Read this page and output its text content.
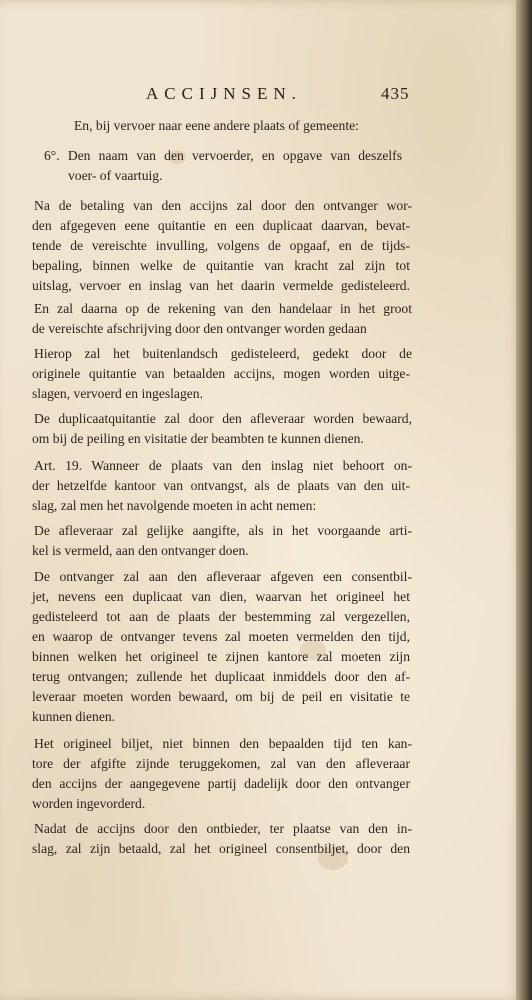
ACCIJNSEN.	435
En, bij vervoer naar eene andere plaats of gemeente:
6°. Den naam van den vervoerder, en opgave van deszelfs
voer- of vaartuig.
Na de betaling van den accijns zal door den ontvanger wor-
den afgegeven eene quitantie en een duplicaat daarvan, bevat-
tende de vereischte invulling, volgens de opgaaf, en de tijds-
bepaling, binnen welke de quitantie van kracht zal zijn tot
uitslag, vervoer en inslag van het daarin vermelde gedisteleerd.
En zal daarna op de rekening van den handelaar in het groot
de vereischte afschrijving door den ontvanger worden gedaan
Hierop zal het buitenlandsch gedisteleerd, gedekt door de
originele quitantie van betaalden accijns, mogen worden uitge-
slagen, vervoerd en ingeslagen.
De duplicaatquitantie zal door den afleveraar worden bewaard,
om bij de peiling en visitatie der beambten te kunnen dienen.
Art. 19. Wanneer de plaats van den inslag niet behoort on-
der hetzelfde kantoor van ontvangst, als de plaats van den uit-
slag, zal men het navolgende moeten in acht nemen:
De afleveraar zal gelijke aangifte, als in het voorgaande arti-
kel is vermeld, aan den ontvanger doen.
De ontvanger zal aan den afleveraar afgeven een consentbil-
jet, nevens een duplicaat van dien, waarvan het origineel het
gedisteleerd tot aan de plaats der bestemming zal vergezellen,
en waarop de ontvanger tevens zal moeten vermelden den tijd,
binnen welken het origineel te zijnen kantore zal moeten zijn
terug ontvangen; zullende het duplicaat inmiddels door den af-
leveraar moeten worden bewaard, om bij de peil en visitatie te
kunnen dienen.
Het origineel biljet, niet binnen den bepaalden tijd ten kan-
tore der afgifte zijnde teruggekomen, zal van den afleveraar
den accijns der aangegevene partij dadelijk door den ontvanger
worden ingevorderd.
Nadat de accijns door den ontbieder, ter plaatse van den in-
slag, zal zijn betaald, zal het origineel consentbiljet, door den
